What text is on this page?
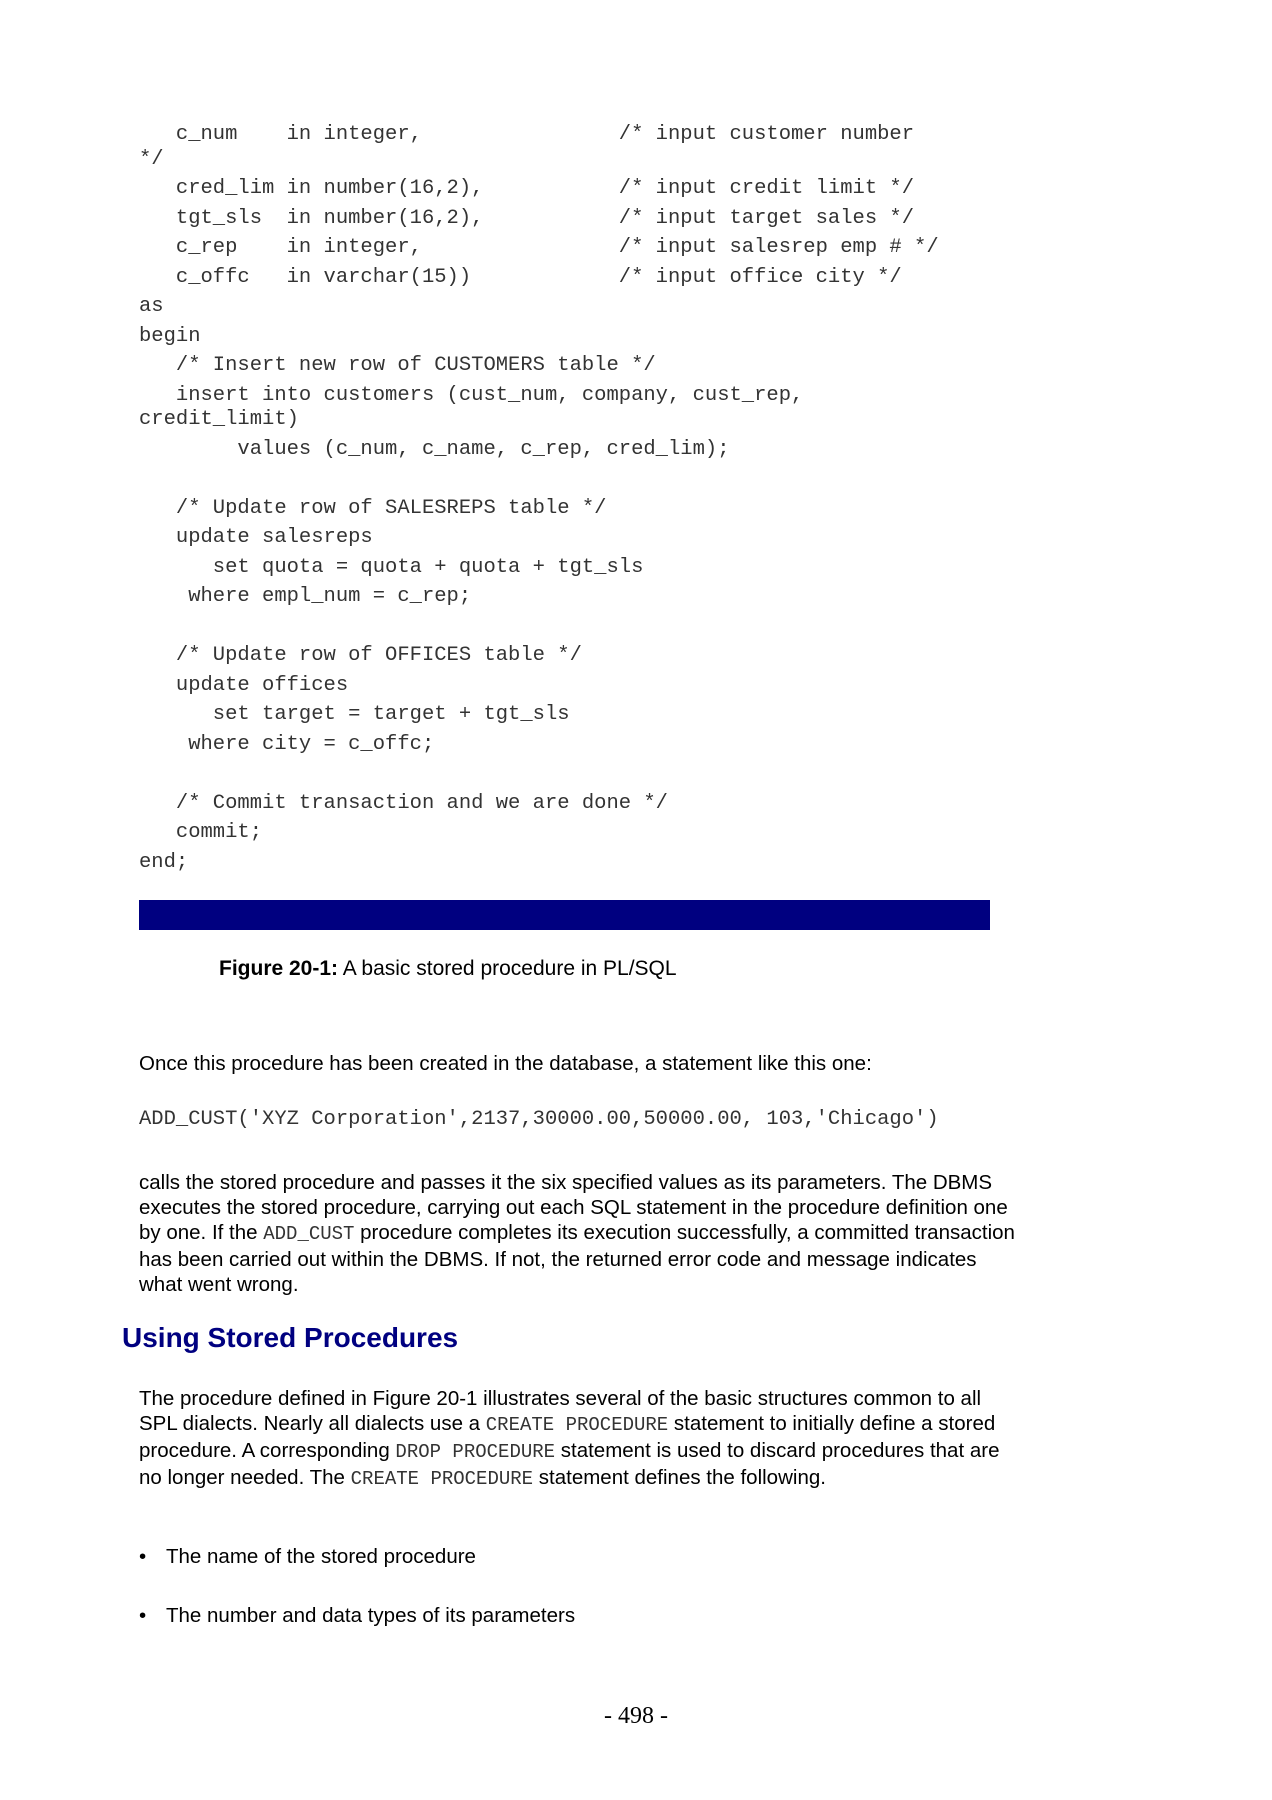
c_num    in integer,                /* input customer number
*/
cred_lim in number(16,2),           /* input credit limit */
tgt_sls  in number(16,2),           /* input target sales */
c_rep    in integer,                /* input salesrep emp # */
c_offc   in varchar(15))            /* input office city */
as
begin
/* Insert new row of CUSTOMERS table */
insert into customers (cust_num, company, cust_rep,
credit_limit)
values (c_num, c_name, c_rep, cred_lim);
/* Update row of SALESREPS table */
update salesreps
set quota = quota + quota + tgt_sls
where empl_num = c_rep;
/* Update row of OFFICES table */
update offices
set target = target + tgt_sls
where city = c_offc;
/* Commit transaction and we are done */
commit;
end;
Figure 20-1: A basic stored procedure in PL/SQL
Once this procedure has been created in the database, a statement like this one:
ADD_CUST('XYZ Corporation',2137,30000.00,50000.00, 103,'Chicago')
calls the stored procedure and passes it the six specified values as its parameters. The DBMS executes the stored procedure, carrying out each SQL statement in the procedure definition one by one. If the ADD_CUST procedure completes its execution successfully, a committed transaction has been carried out within the DBMS. If not, the returned error code and message indicates what went wrong.
Using Stored Procedures
The procedure defined in Figure 20-1 illustrates several of the basic structures common to all SPL dialects. Nearly all dialects use a CREATE PROCEDURE statement to initially define a stored procedure. A corresponding DROP PROCEDURE statement is used to discard procedures that are no longer needed. The CREATE PROCEDURE statement defines the following.
• The name of the stored procedure
• The number and data types of its parameters
- 498 -
